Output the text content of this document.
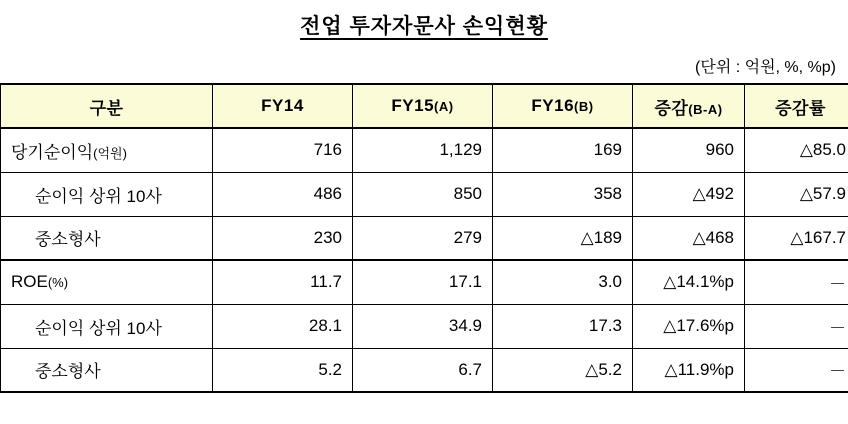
전업 투자자문사 손익현황
(단위 : 억원, %, %p)
구분	FY14	FY15(A)	FY16(B)	증감(B-A)	증감률
당기순이익(억원)	716	1,129	169	960	△85.0
순이익 상위 10사	486	850	358	△492	△57.9
중소형사	230	279	△189	△468	△167.7
ROE(%)	11.7	17.1	3.0	△14.1%p	－
순이익 상위 10사	28.1	34.9	17.3	△17.6%p	－
중소형사	5.2	6.7	△5.2	△11.9%p	－
